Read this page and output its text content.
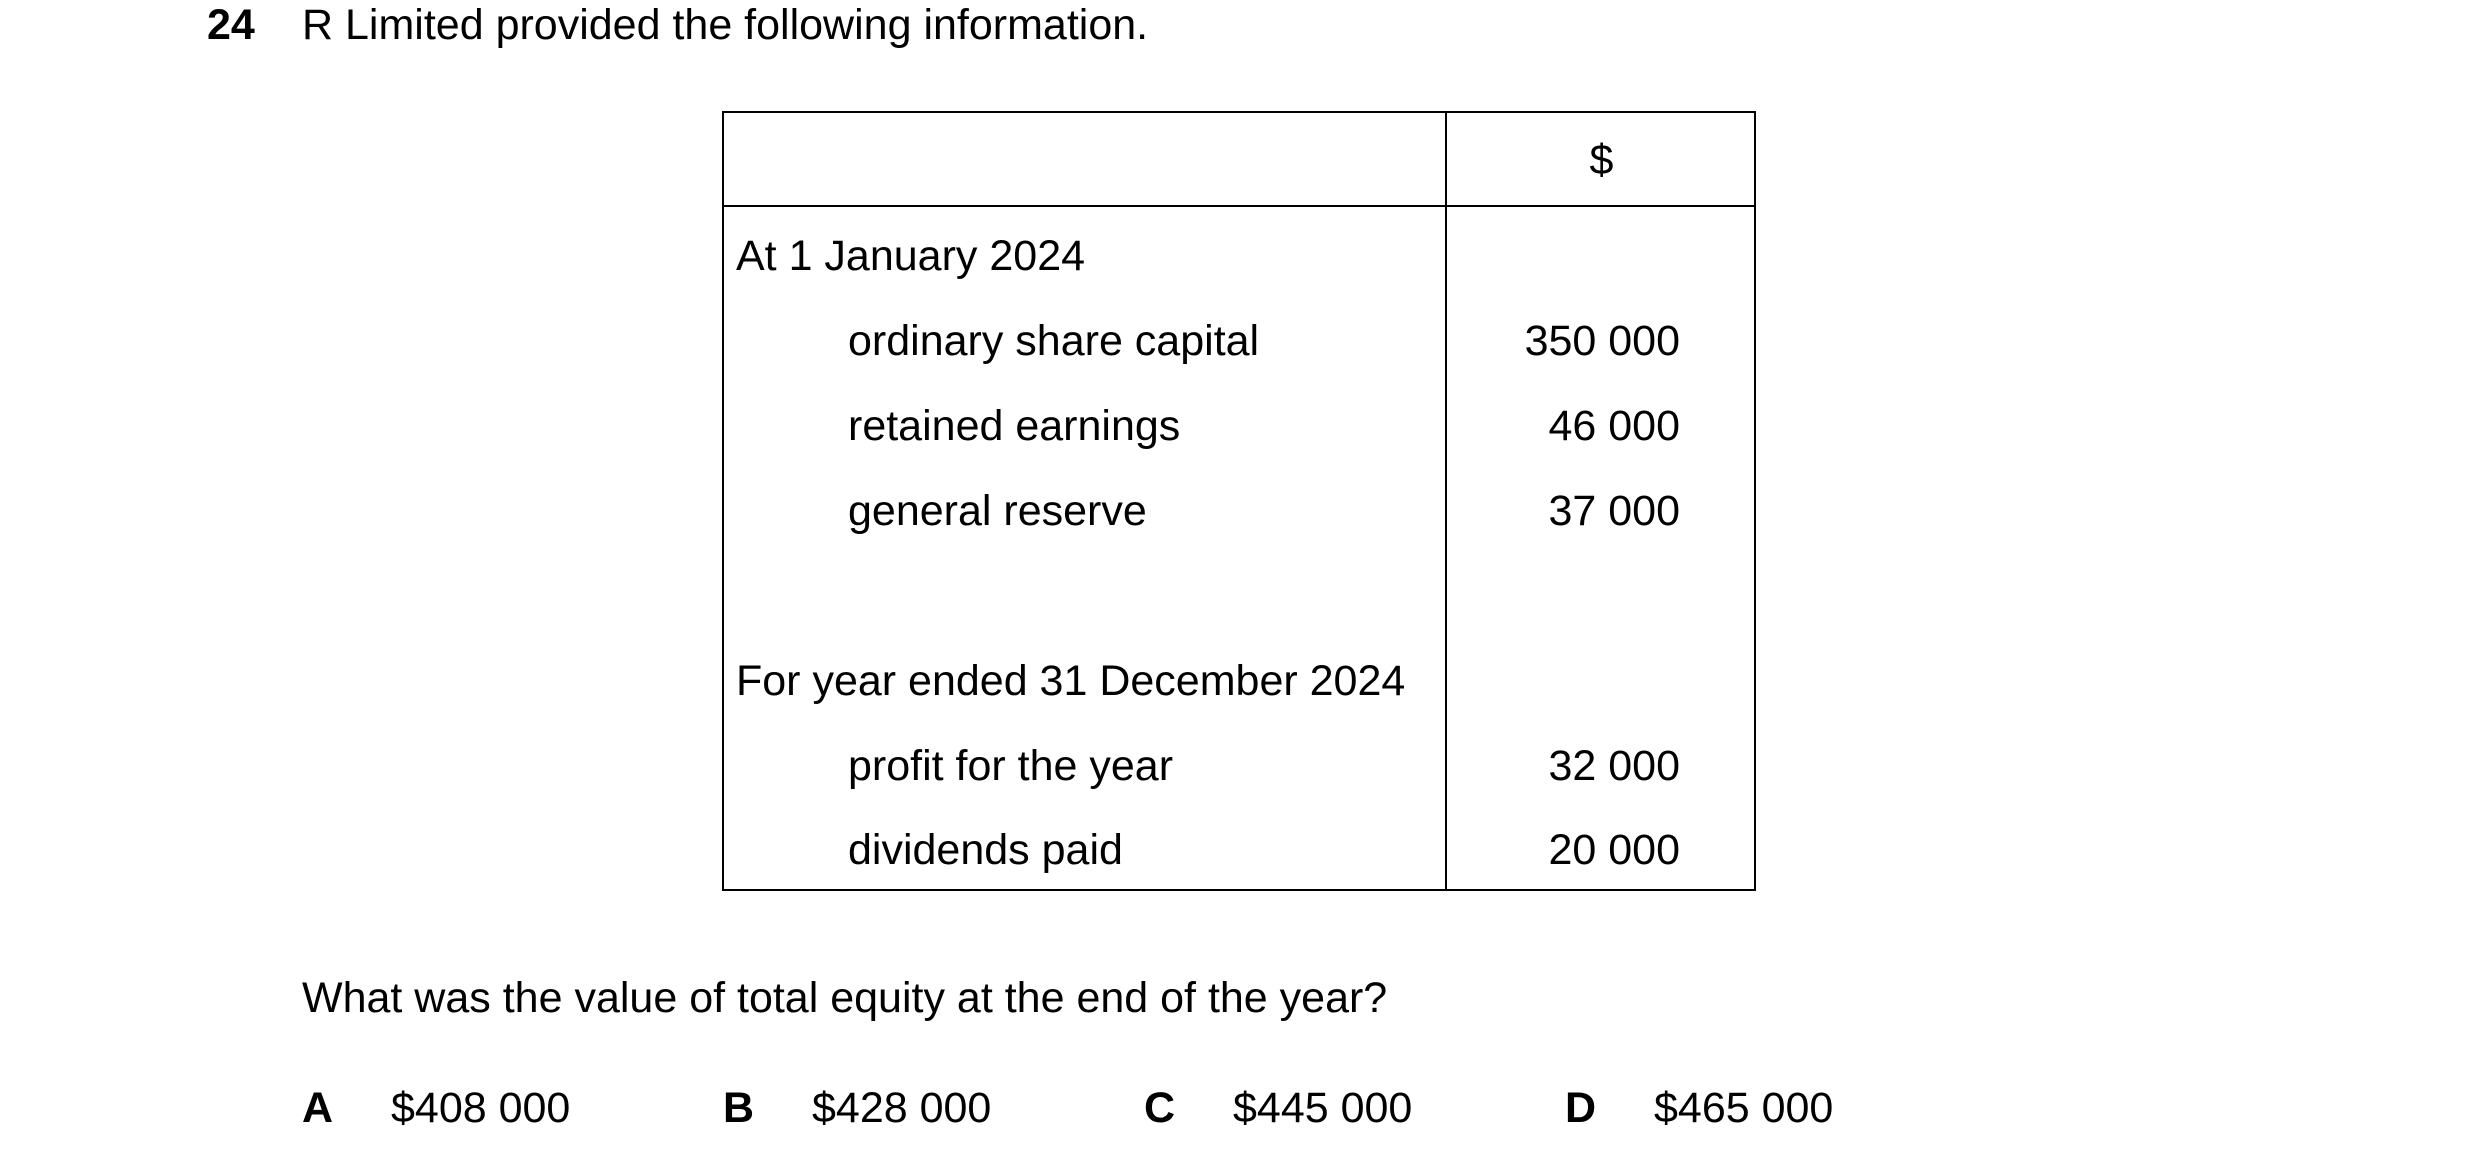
24 R Limited provided the following information.
$
At 1 January 2024
ordinary share capital	350 000
retained earnings	46 000
general reserve	37 000
For year ended 31 December 2024
profit for the year	32 000
dividends paid	20 000
What was the value of total equity at the end of the year?
A $408 000	B $428 000	C $445 000	D $465 000
